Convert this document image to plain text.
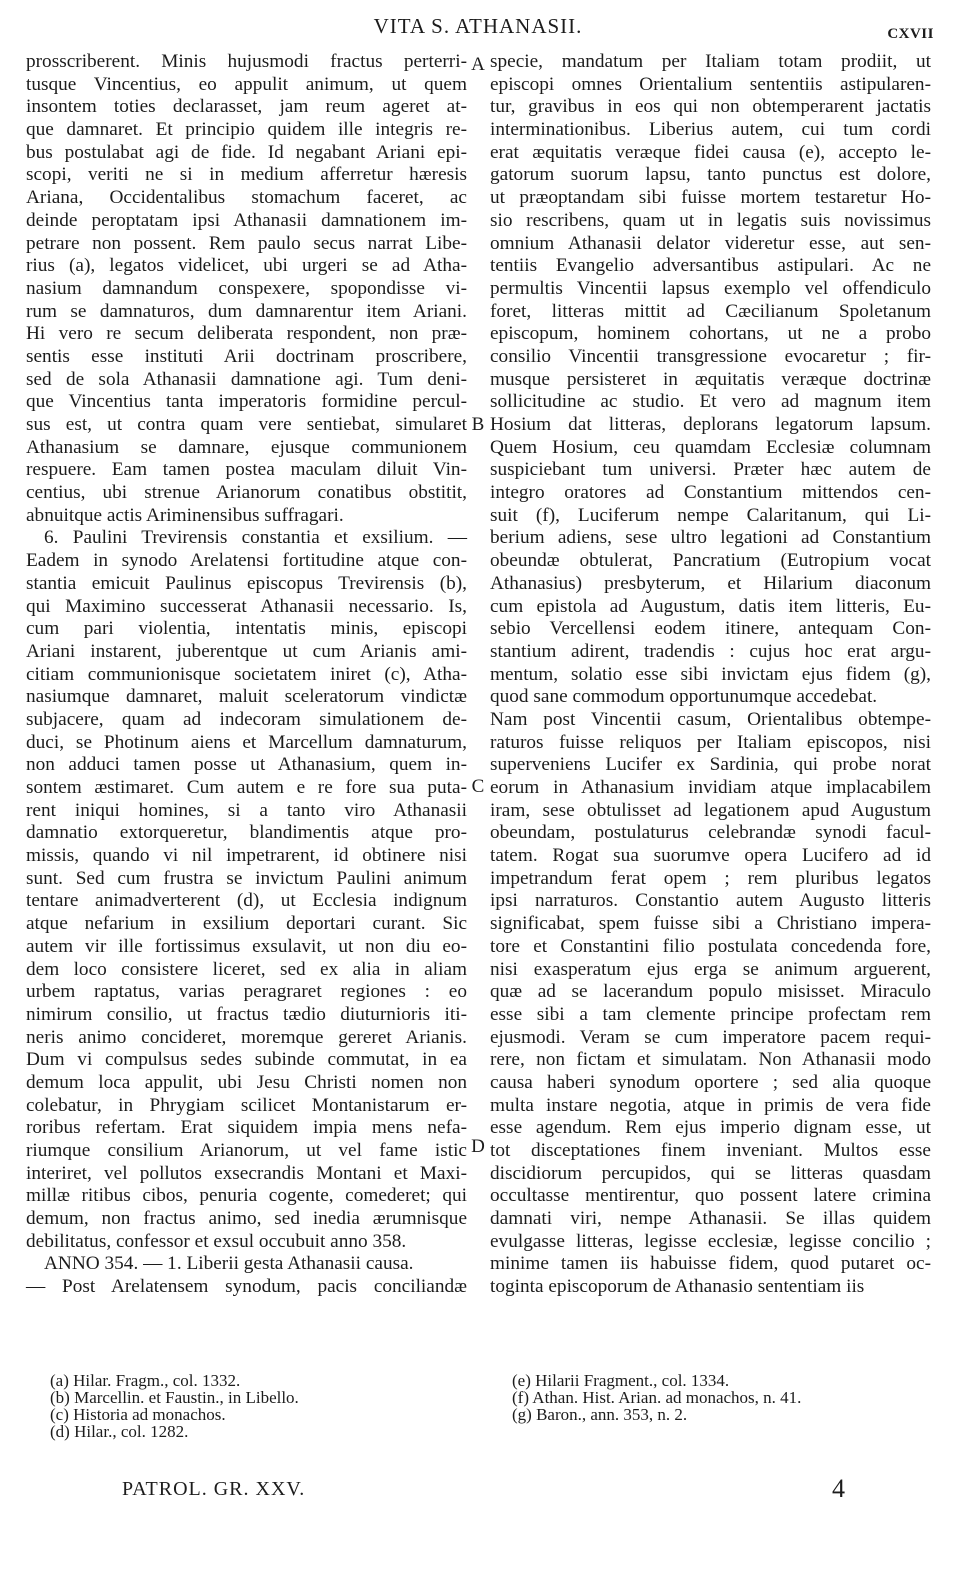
VITA S. ATHANASII.	CXVII
prosscriberent. Minis hujusmodi fractus perterri-
tusque Vincentius, eo appulit animum, ut quem
insontem toties declarasset, jam reum ageret at-
que damnaret. Et principio quidem ille integris re-
bus postulabat agi de fide. Id negabant Ariani epi-
scopi, veriti ne si in medium afferretur hæresis
Ariana, Occidentalibus stomachum faceret, ac
deinde peroptatam ipsi Athanasii damnationem im-
petrare non possent. Rem paulo secus narrat Libe-
rius (a), legatos videlicet, ubi urgeri se ad Atha-
nasium damnandum conspexere, spopondisse vi-
rum se damnaturos, dum damnarentur item Ariani.
Hi vero re secum deliberata respondent, non præ-
sentis esse instituti Arii doctrinam proscribere,
sed de sola Athanasii damnatione agi. Tum deni-
que Vincentius tanta imperatoris formidine percul-
sus est, ut contra quam vere sentiebat, simularet
Athanasium se damnare, ejusque communionem
respuere. Eam tamen postea maculam diluit Vin-
centius, ubi strenue Arianorum conatibus obstitit,
abnuitque actis Ariminensibus suffragari.
6. Paulini Trevirensis constantia et exsilium. —
Eadem in synodo Arelatensi fortitudine atque con-
stantia emicuit Paulinus episcopus Trevirensis (b),
qui Maximino successerat Athanasii necessario. Is,
cum pari violentia, intentatis minis, episcopi
Ariani instarent, juberentque ut cum Arianis ami-
citiam communionisque societatem iniret (c), Atha-
nasiumque damnaret, maluit sceleratorum vindictæ
subjacere, quam ad indecoram simulationem de-
duci, se Photinum aiens et Marcellum damnaturum,
non adduci tamen posse ut Athanasium, quem in-
sontem æstimaret. Cum autem e re fore sua puta-
rent iniqui homines, si a tanto viro Athanasii
damnatio extorqueretur, blandimentis atque pro-
missis, quando vi nil impetrarent, id obtinere nisi
sunt. Sed cum frustra se invictum Paulini animum
tentare animadverterent (d), ut Ecclesia indignum
atque nefarium in exsilium deportari curant. Sic
autem vir ille fortissimus exsulavit, ut non diu eo-
dem loco consistere liceret, sed ex alia in aliam
urbem raptatus, varias peragraret regiones : eo
nimirum consilio, ut fractus tædio diuturnioris iti-
neris animo concideret, moremque gereret Arianis.
Dum vi compulsus sedes subinde commutat, in ea
demum loca appulit, ubi Jesu Christi nomen non
colebatur, in Phrygiam scilicet Montanistarum er-
roribus refertam. Erat siquidem impia mens nefa-
riumque consilium Arianorum, ut vel fame istic
interiret, vel pollutos exsecrandis Montani et Maxi-
millæ ritibus cibos, penuria cogente, comederet; qui
demum, non fractus animo, sed inedia ærumnisque
debilitatus, confessor et exsul occubuit anno 358.
ANNO 354. — 1. Liberii gesta Athanasii causa.
— Post Arelatensem synodum, pacis conciliandæ
specie, mandatum per Italiam totam prodiit, ut
episcopi omnes Orientalium sententiis astipularen-
tur, gravibus in eos qui non obtemperarent jactatis
interminationibus. Liberius autem, cui tum cordi
erat æquitatis veræque fidei causa (e), accepto le-
gatorum suorum lapsu, tanto punctus est dolore,
ut præoptandam sibi fuisse mortem testaretur Ho-
sio rescribens, quam ut in legatis suis novissimus
omnium Athanasii delator videretur esse, aut sen-
tentiis Evangelio adversantibus astipulari. Ac ne
permultis Vincentii lapsus exemplo vel offendiculo
foret, litteras mittit ad Cæcilianum Spoletanum
episcopum, hominem cohortans, ut ne a probo
consilio Vincentii transgressione evocaretur ; fir-
musque persisteret in æquitatis veræque doctrinæ
sollicitudine ac studio. Et vero ad magnum item
Hosium dat litteras, deplorans legatorum lapsum.
Quem Hosium, ceu quamdam Ecclesiæ columnam
suspiciebant tum universi. Præter hæc autem de
integro oratores ad Constantium mittendos cen-
suit (f), Luciferum nempe Calaritanum, qui Li-
berium adiens, sese ultro legationi ad Constantium
obeundæ obtulerat, Pancratium (Eutropium vocat
Athanasius) presbyterum, et Hilarium diaconum
cum epistola ad Augustum, datis item litteris, Eu-
sebio Vercellensi eodem itinere, antequam Con-
stantium adirent, tradendis : cujus hoc erat argu-
mentum, solatio esse sibi invictam ejus fidem (g),
quod sane commodum opportunumque accedebat.
Nam post Vincentii casum, Orientalibus obtempe-
raturos fuisse reliquos per Italiam episcopos, nisi
superveniens Lucifer ex Sardinia, qui probe norat
eorum in Athanasium invidiam atque implacabilem
iram, sese obtulisset ad legationem apud Augustum
obeundam, postulaturus celebrandæ synodi facul-
tatem. Rogat sua suorumve opera Lucifero ad id
impetrandum ferat opem ; rem pluribus legatos
ipsi narraturos. Constantio autem Augusto litteris
significabat, spem fuisse sibi a Christiano impera-
tore et Constantini filio postulata concedenda fore,
nisi exasperatum ejus erga se animum arguerent,
quæ ad se lacerandum populo misisset. Miraculo
esse sibi a tam clemente principe profectam rem
ejusmodi. Veram se cum imperatore pacem requi-
rere, non fictam et simulatam. Non Athanasii modo
causa haberi synodum oportere ; sed alia quoque
multa instare negotia, atque in primis de vera fide
esse agendum. Rem ejus imperio dignam esse, ut
tot disceptationes finem inveniant. Multos esse
discidiorum percupidos, qui se litteras quasdam
occultasse mentirentur, quo possent latere crimina
damnati viri, nempe Athanasii. Se illas quidem
evulgasse litteras, legisse ecclesiæ, legisse concilio ;
minime tamen iis habuisse fidem, quod putaret oc-
toginta episcoporum de Athanasio sententiam iis
A
B
C
D
(a) Hilar. Fragm., col. 1332.
(b) Marcellin. et Faustin., in Libello.
(c) Historia ad monachos.
(d) Hilar., col. 1282.
(e) Hilarii Fragment., col. 1334.
(f) Athan. Hist. Arian. ad monachos, n. 41.
(g) Baron., ann. 353, n. 2.
PATROL. GR. XXV.	4
